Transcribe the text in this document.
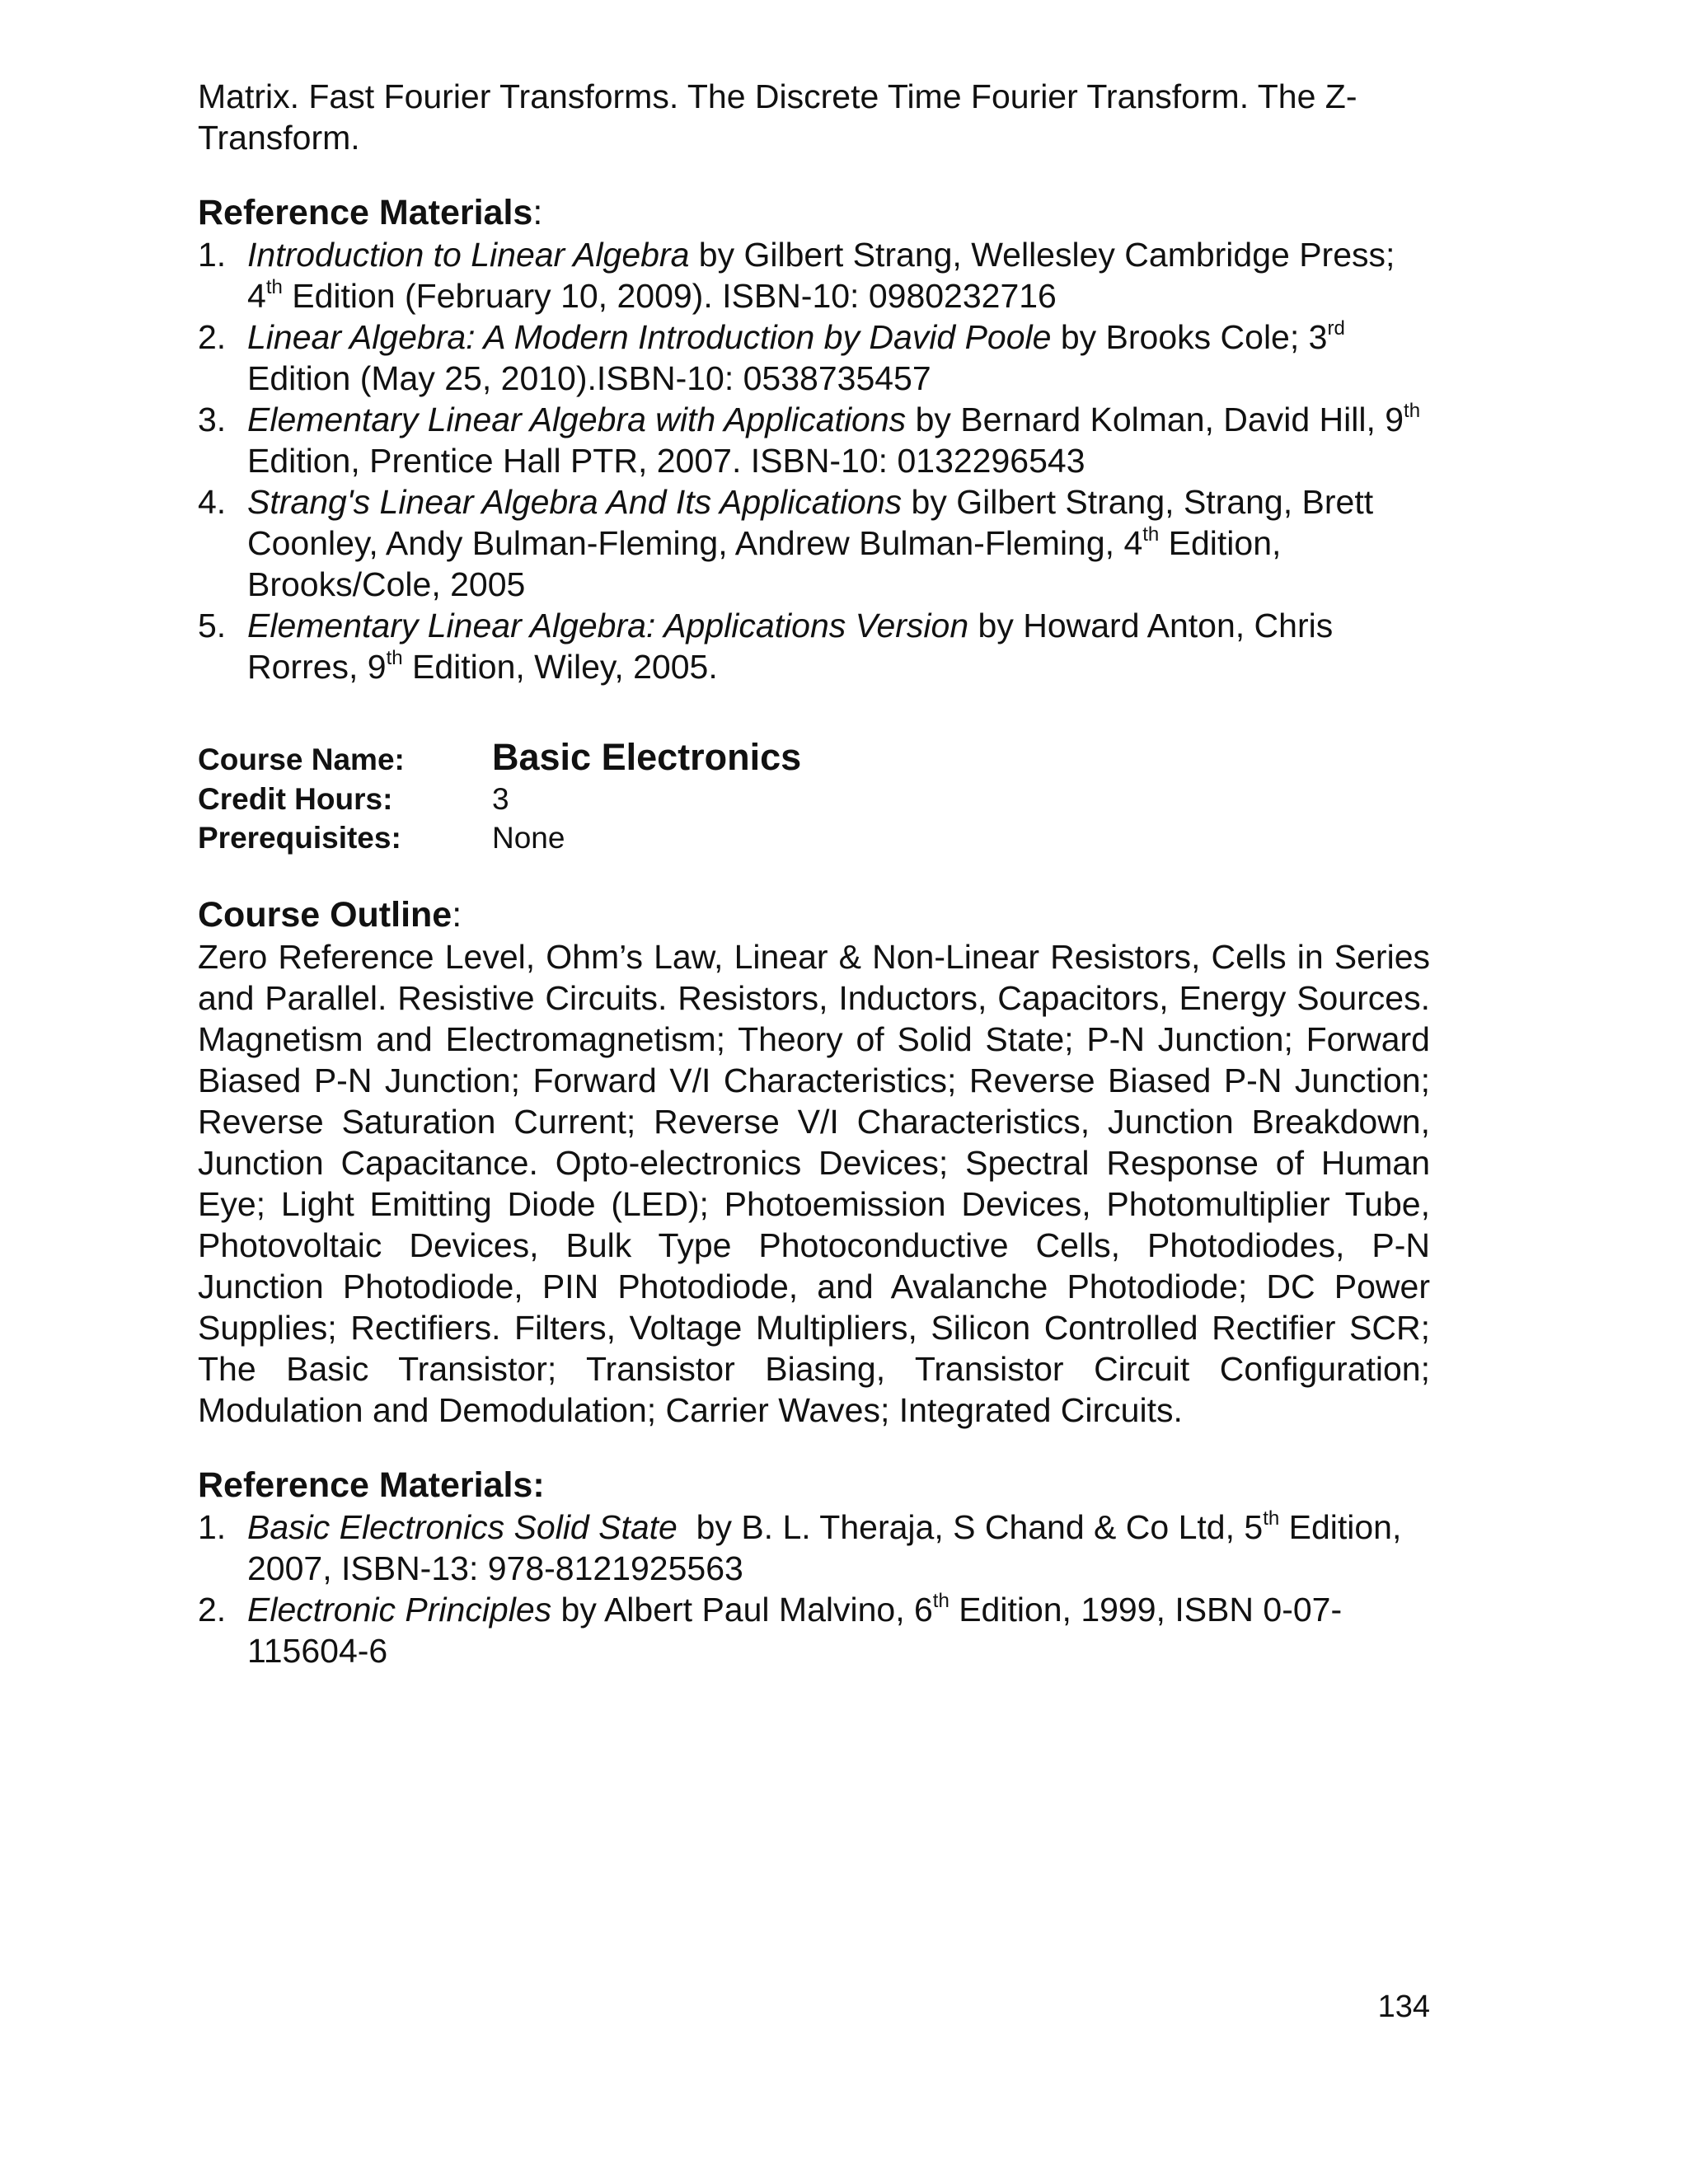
Matrix. Fast Fourier Transforms. The Discrete Time Fourier Transform. The Z-Transform.

Reference Materials:
1. Introduction to Linear Algebra by Gilbert Strang, Wellesley Cambridge Press; 4th Edition (February 10, 2009). ISBN-10: 0980232716
2. Linear Algebra: A Modern Introduction by David Poole by Brooks Cole; 3rd Edition (May 25, 2010).ISBN-10: 0538735457
3. Elementary Linear Algebra with Applications by Bernard Kolman, David Hill, 9th Edition, Prentice Hall PTR, 2007. ISBN-10: 0132296543
4. Strang's Linear Algebra And Its Applications by Gilbert Strang, Strang, Brett Coonley, Andy Bulman-Fleming, Andrew Bulman-Fleming, 4th Edition, Brooks/Cole, 2005
5. Elementary Linear Algebra: Applications Version by Howard Anton, Chris Rorres, 9th Edition, Wiley, 2005.
Course Name:	Basic Electronics
Credit Hours:	3
Prerequisites:	None
Course Outline:

Zero Reference Level, Ohm’s Law, Linear & Non-Linear Resistors, Cells in Series and Parallel. Resistive Circuits. Resistors, Inductors, Capacitors, Energy Sources. Magnetism and Electromagnetism; Theory of Solid State; P-N Junction; Forward Biased P-N Junction; Forward V/I Characteristics; Reverse Biased P-N Junction; Reverse Saturation Current; Reverse V/I Characteristics, Junction Breakdown, Junction Capacitance. Opto-electronics Devices; Spectral Response of Human Eye; Light Emitting Diode (LED); Photoemission Devices, Photomultiplier Tube, Photovoltaic Devices, Bulk Type Photoconductive Cells, Photodiodes, P-N Junction Photodiode, PIN Photodiode, and Avalanche Photodiode; DC Power Supplies; Rectifiers. Filters, Voltage Multipliers, Silicon Controlled Rectifier SCR; The Basic Transistor; Transistor Biasing, Transistor Circuit Configuration; Modulation and Demodulation; Carrier Waves; Integrated Circuits.

Reference Materials:
1. Basic Electronics Solid State  by B. L. Theraja, S Chand & Co Ltd, 5th Edition, 2007, ISBN-13: 978-8121925563
2. Electronic Principles by Albert Paul Malvino, 6th Edition, 1999, ISBN 0-07-115604-6
134
